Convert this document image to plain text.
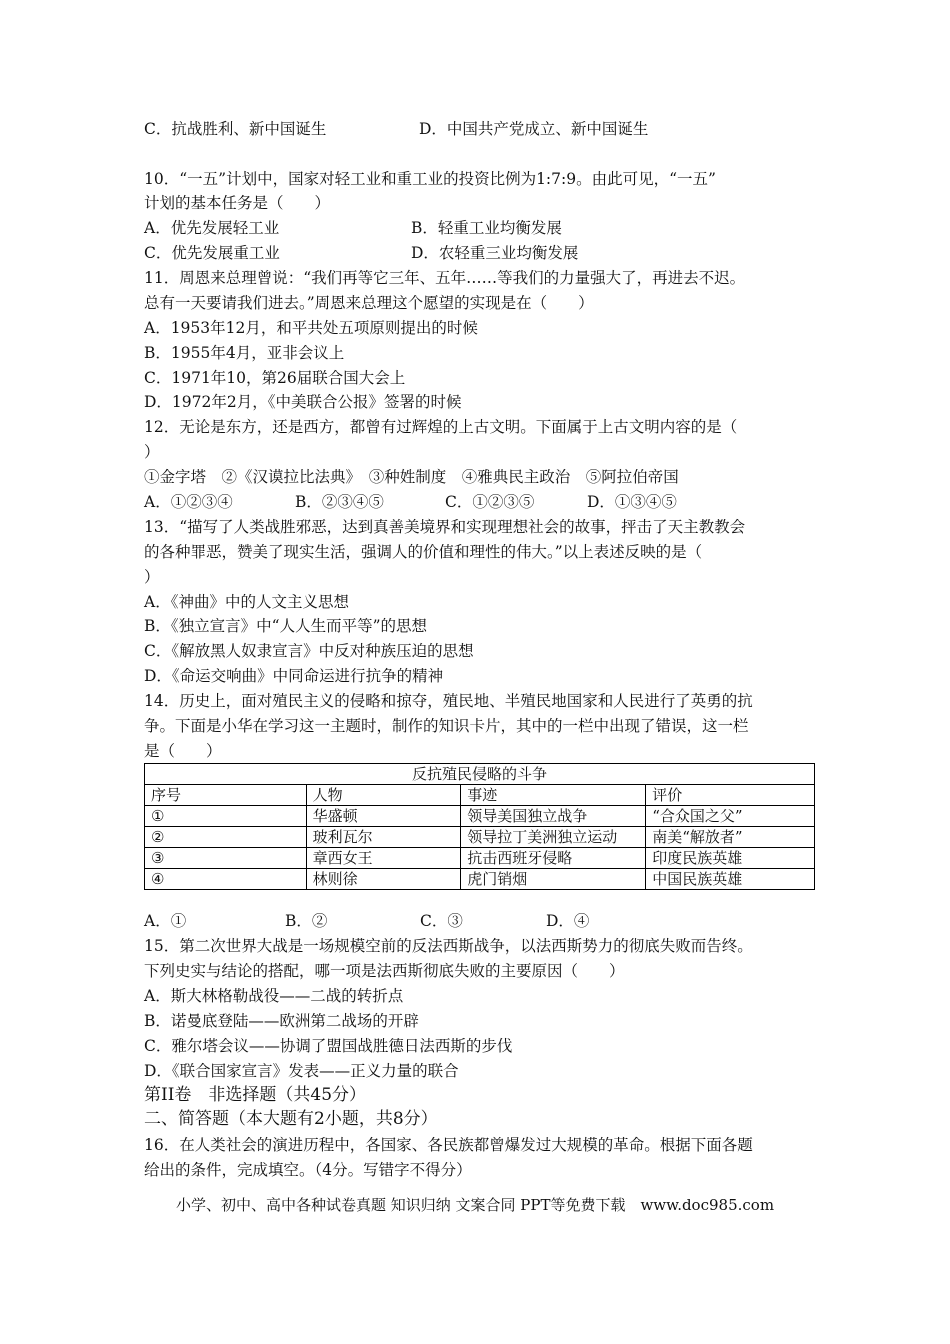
C．抗战胜利、新中国诞生	D．中国共产党成立、新中国诞生
10．“一五”计划中，国家对轻工业和重工业的投资比例为1:7:9。由此可见，“一五”
计划的基本任务是（　　）
A．优先发展轻工业	B．轻重工业均衡发展
C．优先发展重工业	D．农轻重三业均衡发展
11．周恩来总理曾说：“我们再等它三年、五年……等我们的力量强大了，再进去不迟。
总有一天要请我们进去。”周恩来总理这个愿望的实现是在（　　）
A．1953年12月，和平共处五项原则提出的时候
B．1955年4月，亚非会议上
C．1971年10，第26届联合国大会上
D．1972年2月，《中美联合公报》签署的时候
12．无论是东方，还是西方，都曾有过辉煌的上古文明。下面属于上古文明内容的是（
）
①金字塔　②《汉谟拉比法典》　③种姓制度　④雅典民主政治　⑤阿拉伯帝国
A．①②③④	B．②③④⑤	C．①②③⑤	D．①③④⑤
13．“描写了人类战胜邪恶，达到真善美境界和实现理想社会的故事，抨击了天主教教会
的各种罪恶，赞美了现实生活，强调人的价值和理性的伟大。”以上表述反映的是（
）
A．《神曲》中的人文主义思想
B．《独立宣言》中“人人生而平等”的思想
C．《解放黑人奴隶宣言》中反对种族压迫的思想
D．《命运交响曲》中同命运进行抗争的精神
14．历史上，面对殖民主义的侵略和掠夺，殖民地、半殖民地国家和人民进行了英勇的抗
争。下面是小华在学习这一主题时，制作的知识卡片，其中的一栏中出现了错误，这一栏
是（　　）
反抗殖民侵略的斗争			
序号	人物	事迹	评价
①	华盛顿	领导美国独立战争	“合众国之父”
②	玻利瓦尔	领导拉丁美洲独立运动	南美“解放者”
③	章西女王	抗击西班牙侵略	印度民族英雄
④	林则徐	虎门销烟	中国民族英雄
A．①	B．②	C．③	D．④
15．第二次世界大战是一场规模空前的反法西斯战争，以法西斯势力的彻底失败而告终。
下列史实与结论的搭配，哪一项是法西斯彻底失败的主要原因（　　）
A．斯大林格勒战役——二战的转折点
B．诺曼底登陆——欧洲第二战场的开辟
C．雅尔塔会议——协调了盟国战胜德日法西斯的步伐
D．《联合国家宣言》发表——正义力量的联合
第II卷　非选择题（共45分）
二、简答题（本大题有2小题，共8分）
16．在人类社会的演进历程中，各国家、各民族都曾爆发过大规模的革命。根据下面各题
给出的条件，完成填空。（4分。写错字不得分）
小学、初中、高中各种试卷真题 知识归纳 文案合同 PPT等免费下载　www.doc985.com
